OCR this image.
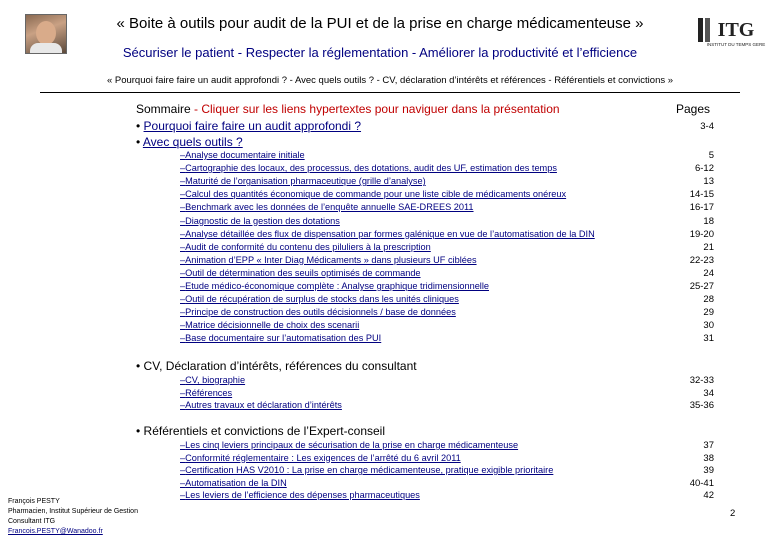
« Boite à outils pour audit de la PUI et de la prise en charge médicamenteuse »
Sécuriser le patient - Respecter la réglementation - Améliorer la productivité et l’efficience
ITG
INSTITUT DU TEMPS GERE
« Pourquoi faire faire un audit approfondi ? - Avec quels outils ? - CV, déclaration d’intérêts et références - Référentiels et convictions »
Sommaire - Cliquer sur les liens hypertextes pour naviguer dans la présentation	Pages
• Pourquoi faire faire un audit approfondi ?	3-4
• Avec quels outils ?
–Analyse documentaire initiale	5
–Cartographie des locaux, des processus, des dotations, audit des UF, estimation des temps	6-12
–Maturité de l’organisation pharmaceutique (grille d’analyse)	13
–Calcul des quantités économique de commande pour une liste cible de médicaments onéreux	14-15
–Benchmark avec les données de l’enquête annuelle SAE-DREES 2011	16-17
–Diagnostic de la gestion des dotations	18
–Analyse détaillée des flux de dispensation par formes galénique en vue de l’automatisation de la DIN	19-20
–Audit de conformité du contenu des piluliers à la prescription	21
–Animation d’EPP « Inter Diag Médicaments » dans plusieurs UF ciblées	22-23
–Outil de détermination des seuils optimisés de commande	24
–Etude médico-économique complète : Analyse graphique tridimensionnelle	25-27
–Outil de récupération de surplus de stocks dans les unités cliniques	28
–Principe de construction des outils décisionnels / base de données	29
–Matrice décisionnelle de choix des scenarii	30
–Base documentaire sur l’automatisation des PUI	31
• CV, Déclaration d’intérêts, références du consultant
–CV, biographie	32-33
–Références	34
–Autres travaux et déclaration d’intérêts	35-36
• Référentiels et convictions de l’Expert-conseil
–Les cinq leviers principaux de sécurisation de la prise en charge médicamenteuse	37
–Conformité réglementaire : Les exigences de l’arrêté du 6 avril 2011	38
–Certification HAS V2010 : La prise en charge médicamenteuse, pratique exigible prioritaire	39
–Automatisation de la DIN	40-41
–Les leviers de l’efficience des dépenses pharmaceutiques	42
François PESTY
Pharmacien, Institut Supérieur de Gestion
Consultant ITG
Francois.PESTY@Wanadoo.fr
2
